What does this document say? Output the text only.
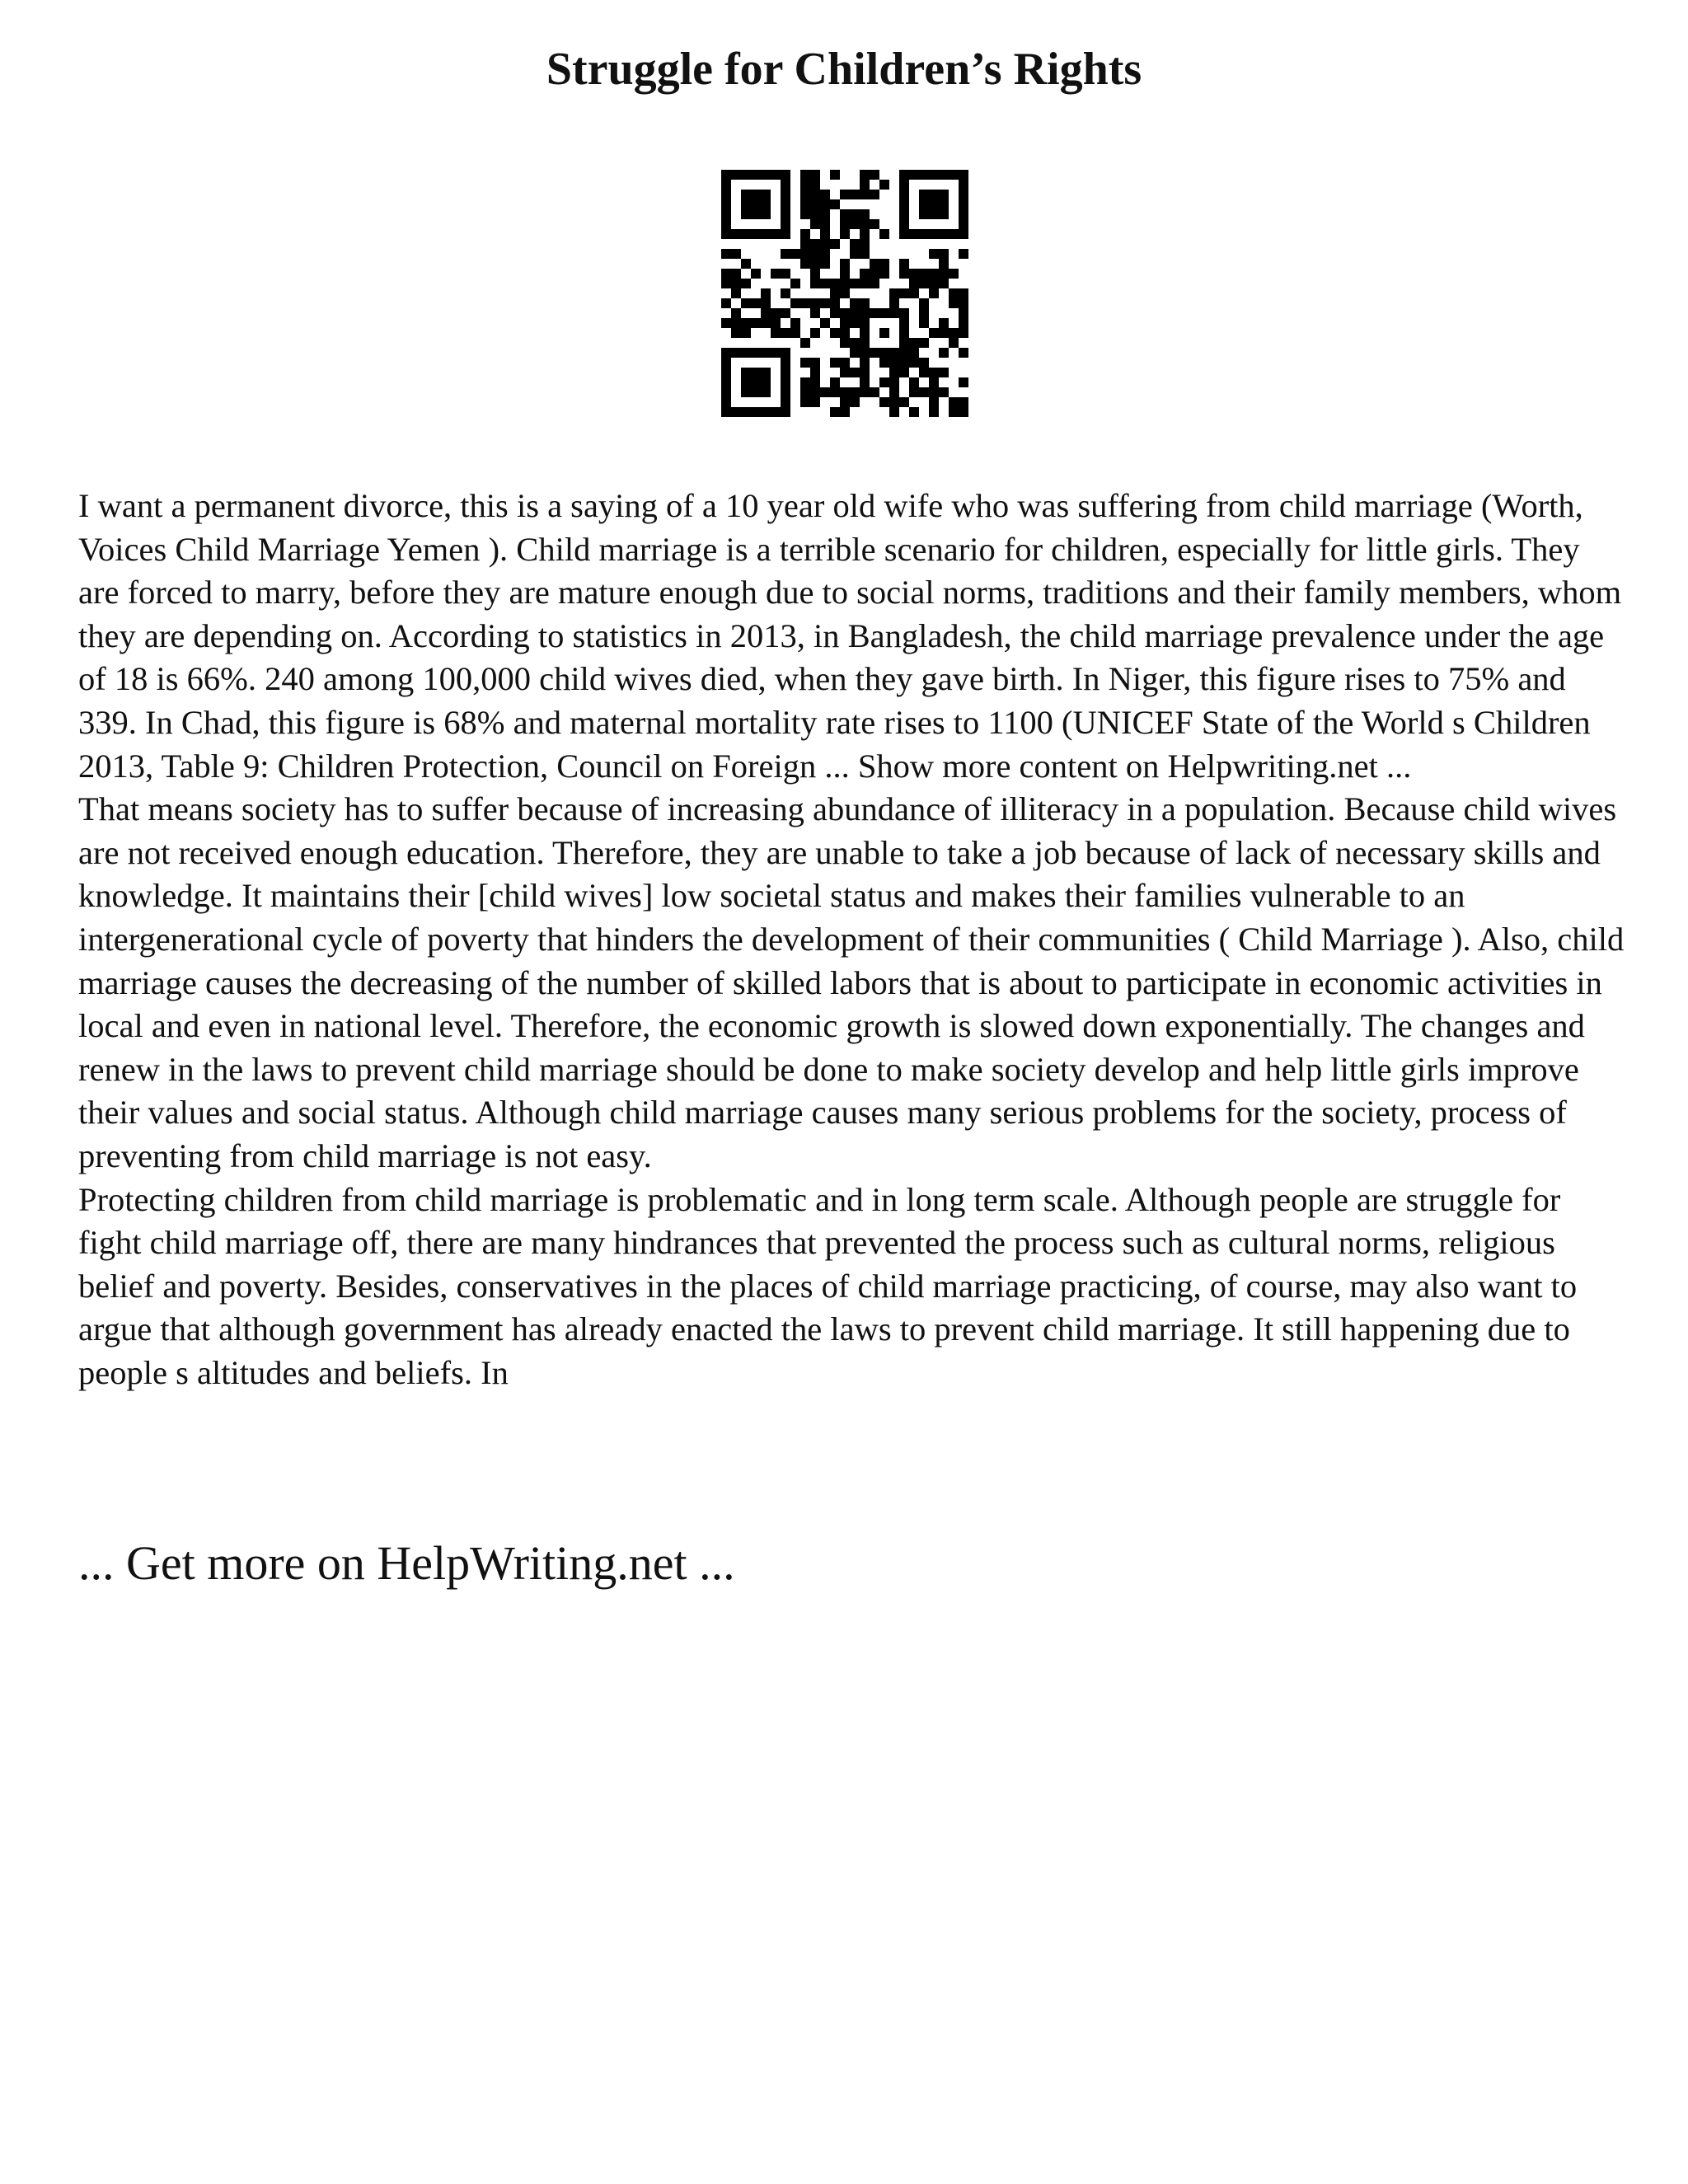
Struggle for Children’s Rights

I want a permanent divorce, this is a saying of a 10 year old wife who was suffering from child marriage (Worth, Voices Child Marriage Yemen ). Child marriage is a terrible scenario for children, especially for little girls. They are forced to marry, before they are mature enough due to social norms, traditions and their family members, whom they are depending on. According to statistics in 2013, in Bangladesh, the child marriage prevalence under the age of 18 is 66%. 240 among 100,000 child wives died, when they gave birth. In Niger, this figure rises to 75% and 339. In Chad, this figure is 68% and maternal mortality rate rises to 1100 (UNICEF State of the World s Children 2013, Table 9: Children Protection, Council on Foreign ... Show more content on Helpwriting.net ...

That means society has to suffer because of increasing abundance of illiteracy in a population. Because child wives are not received enough education. Therefore, they are unable to take a job because of lack of necessary skills and knowledge. It maintains their [child wives] low societal status and makes their families vulnerable to an intergenerational cycle of poverty that hinders the development of their communities ( Child Marriage ). Also, child marriage causes the decreasing of the number of skilled labors that is about to participate in economic activities in local and even in national level. Therefore, the economic growth is slowed down exponentially. The changes and renew in the laws to prevent child marriage should be done to make society develop and help little girls improve their values and social status. Although child marriage causes many serious problems for the society, process of preventing from child marriage is not easy.

Protecting children from child marriage is problematic and in long term scale. Although people are struggle for fight child marriage off, there are many hindrances that prevented the process such as cultural norms, religious belief and poverty. Besides, conservatives in the places of child marriage practicing, of course, may also want to argue that although government has already enacted the laws to prevent child marriage. It still happening due to people s altitudes and beliefs. In

... Get more on HelpWriting.net ...
